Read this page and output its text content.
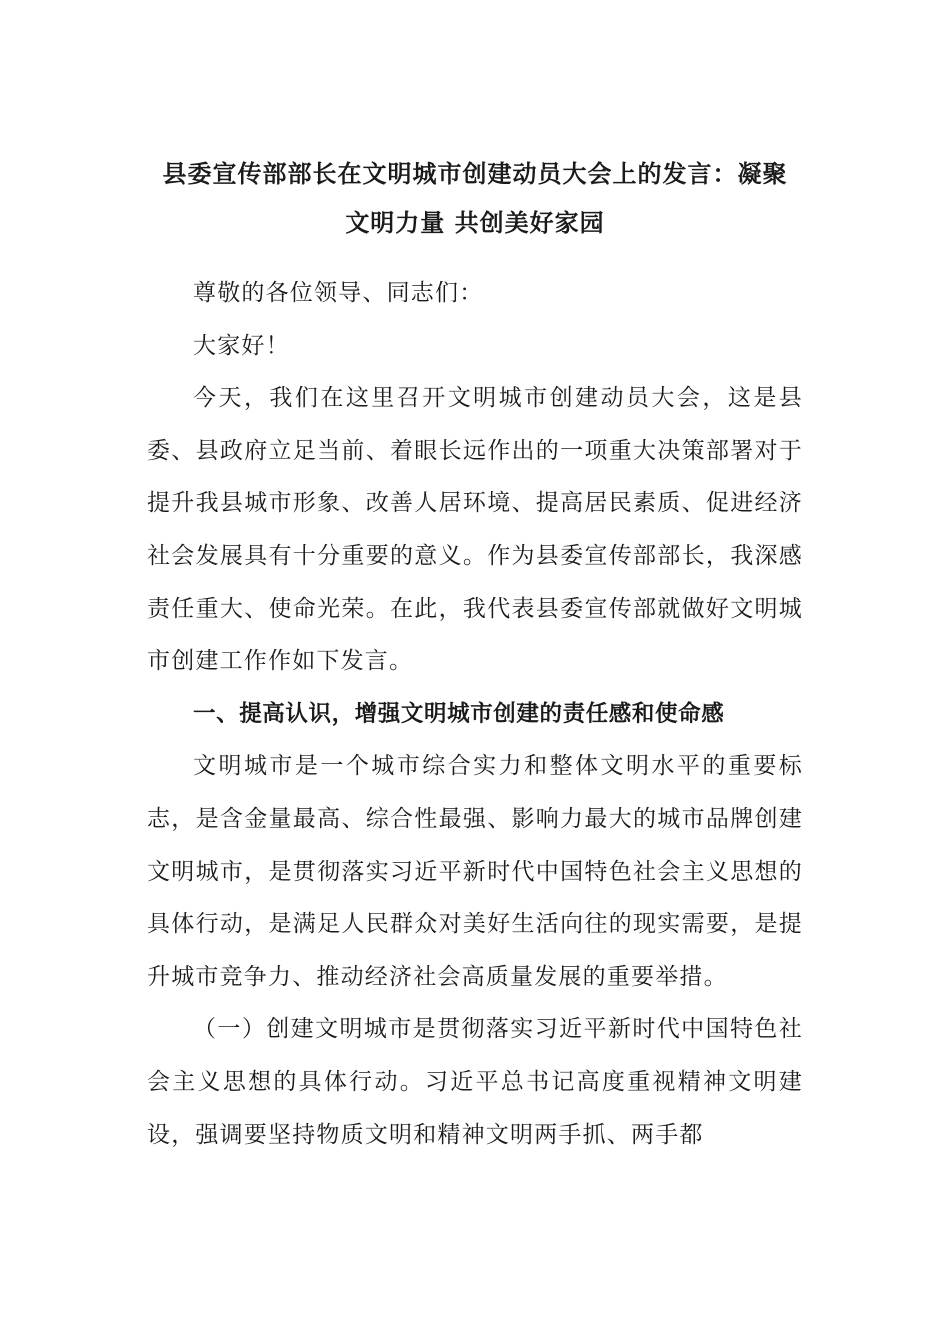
县委宣传部部长在文明城市创建动员大会上的发言：凝聚
文明力量 共创美好家园

尊敬的各位领导、同志们：

大家好！

今天，我们在这里召开文明城市创建动员大会，这是县委、县政府立足当前、着眼长远作出的一项重大决策部署对于提升我县城市形象、改善人居环境、提高居民素质、促进经济社会发展具有十分重要的意义。作为县委宣传部部长，我深感责任重大、使命光荣。在此，我代表县委宣传部就做好文明城市创建工作作如下发言。

一、提高认识，增强文明城市创建的责任感和使命感

文明城市是一个城市综合实力和整体文明水平的重要标志，是含金量最高、综合性最强、影响力最大的城市品牌创建文明城市，是贯彻落实习近平新时代中国特色社会主义思想的具体行动，是满足人民群众对美好生活向往的现实需要，是提升城市竞争力、推动经济社会高质量发展的重要举措。

（一）创建文明城市是贯彻落实习近平新时代中国特色社会主义思想的具体行动。习近平总书记高度重视精神文明建设，强调要坚持物质文明和精神文明两手抓、两手都
